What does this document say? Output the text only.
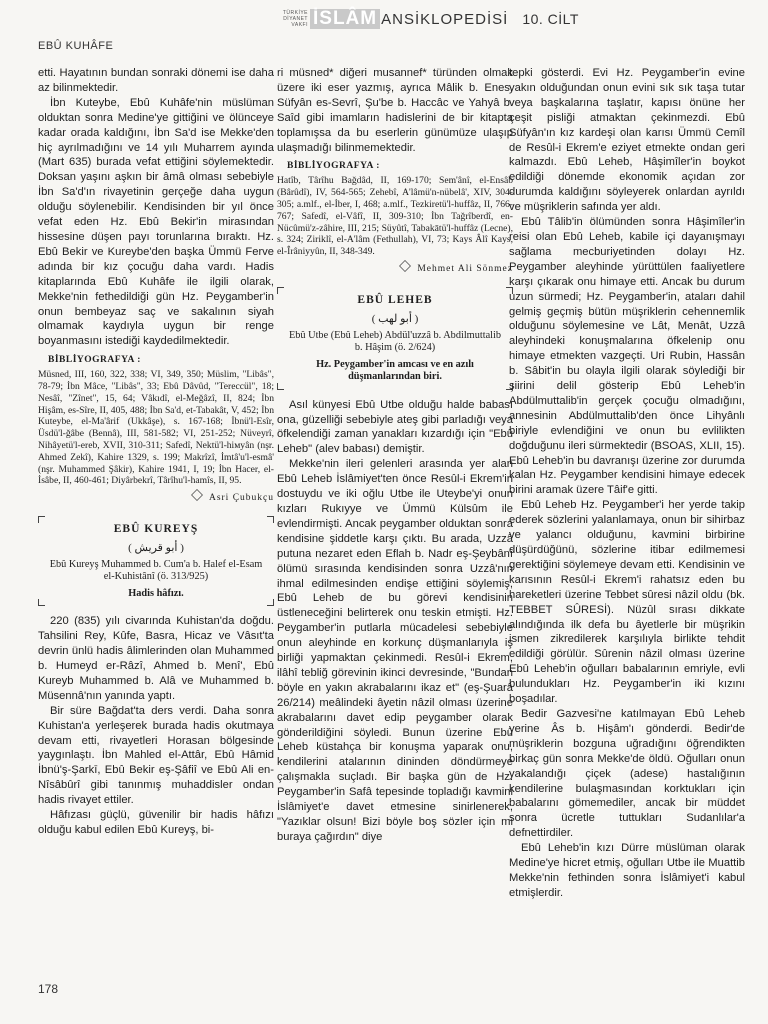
TÜRKİYE DİYANET VAKFI İSLÂM ANSİKLOPEDİSİ 10. CİLT
EBÛ KUHÂFE

etti. Hayatının bundan sonraki dönemi ise daha az bilinmektedir.

İbn Kuteybe, Ebû Kuhâfe'nin müslüman olduktan sonra Medine'ye gittiğini ve ölünceye kadar orada kaldığını, İbn Sa'd ise Mekke'den hiç ayrılmadığını ve 14 yılı Muharrem ayında (Mart 635) burada vefat ettiğini söylemektedir. Doksan yaşını aşkın bir âmâ olması sebebiyle İbn Sa'd'ın rivayetinin gerçeğe daha uygun olduğu söylenebilir. Kendisinden bir yıl önce vefat eden Hz. Ebû Bekir'in mirasından hissesine düşen payı torunlarına bıraktı. Hz. Ebû Bekir ve Kureybe'den başka Ümmü Ferve adında bir kız çocuğu daha vardı. Hadis kitaplarında Ebû Kuhâfe ile ilgili olarak, Mekke'nin fethedildiği gün Hz. Peygamber'in onun bembeyaz saç ve sakalının siyah olmamak kaydıyla uygun bir renge boyanmasını istediği kaydedilmektedir.

BİBLİYOGRAFYA :
Müsned, III, 160, 322, 338; VI, 349, 350; Müslim, "Libâs", 78-79; İbn Mâce, "Libâs", 33; Ebû Dâvûd, "Tereccül", 18; Nesâî, "Zînet", 15, 64; Vâkıdî, el-Meğâzî, II, 824; İbn Hişâm, es-Sîre, II, 405, 488; İbn Sa'd, et-Tabakât, V, 452; İbn Kuteybe, el-Ma'ârif (Ukkâşe), s. 167-168; İbnü'l-Esîr, Üsdü'l-ğâbe (Bennâ), III, 581-582; VI, 251-252; Nüveyrî, Nihâyetü'l-ereb, XVII, 310-311; Safedî, Nektü'l-hімyân (nşr. Ahmed Zekî), Kahire 1329, s. 199; Makrîzî, İmtâ'u'l-esmâ' (nşr. Muhammed Şâkir), Kahire 1941, I, 19; İbn Hacer, el-İsâbe, II, 460-461; Diyârbekrî, Târîhu'l-hamîs, II, 95.
Asri Çubukçu
EBÛ KUREYŞ
( أبو قريش )
Ebû Kureyş Muhammed b. Cum'a b. Halef el-Esam el-Kuhistânî (ö. 313/925)
Hadis hâfızı.

220 (835) yılı civarında Kuhistan'da doğdu. Tahsilini Rey, Kûfe, Basra, Hicaz ve Vâsıt'ta devrin ünlü hadis âlimlerinden olan Muhammed b. Humeyd er-Râzî, Ahmed b. Menî', Ebû Kureyb Muhammed b. Alâ ve Muhammed b. Müsennâ'nın yanında yaptı.

Bir süre Bağdat'ta ders verdi. Daha sonra Kuhistan'a yerleşerek burada hadis okutmaya devam etti, rivayetleri Horasan bölgesinde yaygınlaştı. İbn Mahled el-Attâr, Ebû Hâmid İbnü'ş-Şarkī, Ebû Bekir eş-Şâfiî ve Ebû Ali en-Nîsâbûrî gibi tanınmış muhaddisler ondan hadis rivayet ettiler.

Hâfızası güçlü, güvenilir bir hadis hâfızı olduğu kabul edilen Ebû Kureyş, bi-

ri müsned* diğeri musannef* türünden olmak üzere iki eser yazmış, ayrıca Mâlik b. Enes, Süfyân es-Sevrî, Şu'be b. Haccâc ve Yahyâ b. Saîd gibi imamların hadislerini de bir kitapta toplamışsa da bu eserlerin günümüze ulaşıp ulaşmadığı bilinmemektedir.

BİBLİYOGRAFYA :
Hatîb, Târîhu Bağdâd, II, 169-170; Sem'ânî, el-Ensâb (Bârûdî), IV, 564-565; Zehebî, A'lâmü'n-nübelâ', XIV, 304-305; a.mlf., el-İber, I, 468; a.mlf., Tezkiretü'l-huffâz, II, 766-767; Safedî, el-Vâfî, II, 309-310; İbn Tağrîberdî, en-Nücûmü'z-zâhire, III, 215; Süyûtî, Tabakātü'l-huffâz (Lecne), s. 324; Ziriklî, el-A'lâm (Fethullah), VI, 73; Kays Âlî Kays, el-Îrâniyyûn, II, 348-349.
Mehmet Ali Sönmez
EBÛ LEHEB
( أبو لهب )
Ebû Utbe (Ebû Leheb) Abdül'uzzâ b. Abdilmuttalib b. Hâşim (ö. 2/624)
Hz. Peygamber'in amcası ve en azılı düşmanlarından biri.

Asıl künyesi Ebû Utbe olduğu halde babası ona, güzelliği sebebiyle ateş gibi parladığı veya öfkelendiği zaman yanakları kızardığı için "Ebû Leheb" (alev babası) demiştir.

Mekke'nin ileri gelenleri arasında yer alan Ebû Leheb İslâmiyet'ten önce Resûl-i Ekrem'in dostuydu ve iki oğlu Utbe ile Uteybe'yi onun kızları Rukıyye ve Ümmü Külsûm ile evlendirmişti. Ancak peygamber olduktan sonra kendisine şiddetle karşı çıktı. Bu arada, Uzzâ putuna nezaret eden Eflah b. Nadr eş-Şeybânî ölümü sırasında kendisinden sonra Uzzâ'nın ihmal edilmesinden endişe ettiğini söylemiş, Ebû Leheb de bu görevi kendisinin üstleneceğini belirterek onu teskin etmişti. Hz. Peygamber'in putlarla mücadelesi sebebiyle onun aleyhinde en korkunç düşmanlarıyla iş birliği yapmaktan çekinmedi. Resûl-i Ekrem, ilâhî tebliğ görevinin ikinci devresinde, "Bundan böyle en yakın akrabalarını ikaz et" (eş-Şuarâ 26/214) meâlindeki âyetin nâzil olması üzerine akrabalarını davet edip peygamber olarak gönderildiğini söyledi. Bunun üzerine Ebû Leheb küstahça bir konuşma yaparak onu, kendilerini atalarının dininden döndürmeye çalışmakla suçladı. Bir başka gün de Hz. Peygamber'in Safâ tepesinde topladığı kavmini İslâmiyet'e davet etmesine sinirlenerek, "Yazıklar olsun! Bizi böyle boş sözler için mi buraya çağırdın" diye

tepki gösterdi. Evi Hz. Peygamber'in evine yakın olduğundan onun evini sık sık taşa tutar veya başkalarına taşlatır, kapısı önüne her çeşit pisliği atmaktan çekinmezdi. Ebû Süfyân'ın kız kardeşi olan karısı Ümmü Cemîl de Resûl-i Ekrem'e eziyet etmekte ondan geri kalmazdı. Ebû Leheb, Hâşimîler'in boykot edildiği dönemde ekonomik açıdan zor durumda kaldığını söyleyerek onlardan ayrıldı ve müşriklerin safında yer aldı.

Ebû Tâlib'in ölümünden sonra Hâşimîler'in reisi olan Ebû Leheb, kabile içi dayanışmayı sağlama mecburiyetinden dolayı Hz. Peygamber aleyhinde yürüttülen faaliyetlere karşı çıkarak onu himaye etti. Ancak bu durum uzun sürmedi; Hz. Peygamber'in, ataları dahil gelmiş geçmiş bütün müşriklerin cehennemlik olduğunu söylemesine ve Lât, Menât, Uzzâ aleyhindeki konuşmalarına öfkelenip onu himaye etmekten vazgeçti. Uri Rubin, Hassân b. Sâbit'in bu olayla ilgili olarak söylediği bir şiirini delil gösterip Ebû Leheb'in Abdülmuttalib'in gerçek çocuğu olmadığını, annesinin Abdülmuttalib'den önce Lihyânlı biriyle evlendiğini ve onun bu evlilikten doğduğunu ileri sürmektedir (BSOAS, XLII, 15). Ebû Leheb'in bu davranışı üzerine zor durumda kalan Hz. Peygamber kendisini himaye edecek birini aramak üzere Tâif'e gitti.

Ebû Leheb Hz. Peygamber'i her yerde takip ederek sözlerini yalanlamaya, onun bir sihirbaz ve yalancı olduğunu, kavmini birbirine düşürdüğünü, sözlerine itibar edilmemesi gerektiğini söylemeye devam etti. Kendisinin ve karısının Resûl-i Ekrem'i rahatsız eden bu hareketleri üzerine Tebbet sûresi nâzil oldu (bk. TEBBET SÛRESİ). Nüzûl sırası dikkate alındığında ilk defa bu âyetlerle bir müşrikin ismen zikredilerek karşılıyla birlikte tehdit edildiği görülür. Sûrenin nâzil olması üzerine Ebû Leheb'in oğulları babalarının emriyle, evli bulundukları Hz. Peygamber'in iki kızını boşadılar.

Bedir Gazvesi'ne katılmayan Ebû Leheb yerine Âs b. Hişâm'ı gönderdi. Bedir'de müşriklerin bozguna uğradığını öğrendikten birkaç gün sonra Mekke'de öldü. Oğulları onun yakalandığı çiçek (adese) hastalığının kendilerine bulaşmasından korktukları için babalarını gömemediler, ancak bir müddet sonra ücretle tuttukları Sudanlılar'a defnettirdiler.

Ebû Leheb'in kızı Dürre müslüman olarak Medine'ye hicret etmiş, oğulları Utbe ile Muattib Mekke'nin fethinden sonra İslâmiyet'i kabul etmişlerdir.

178
